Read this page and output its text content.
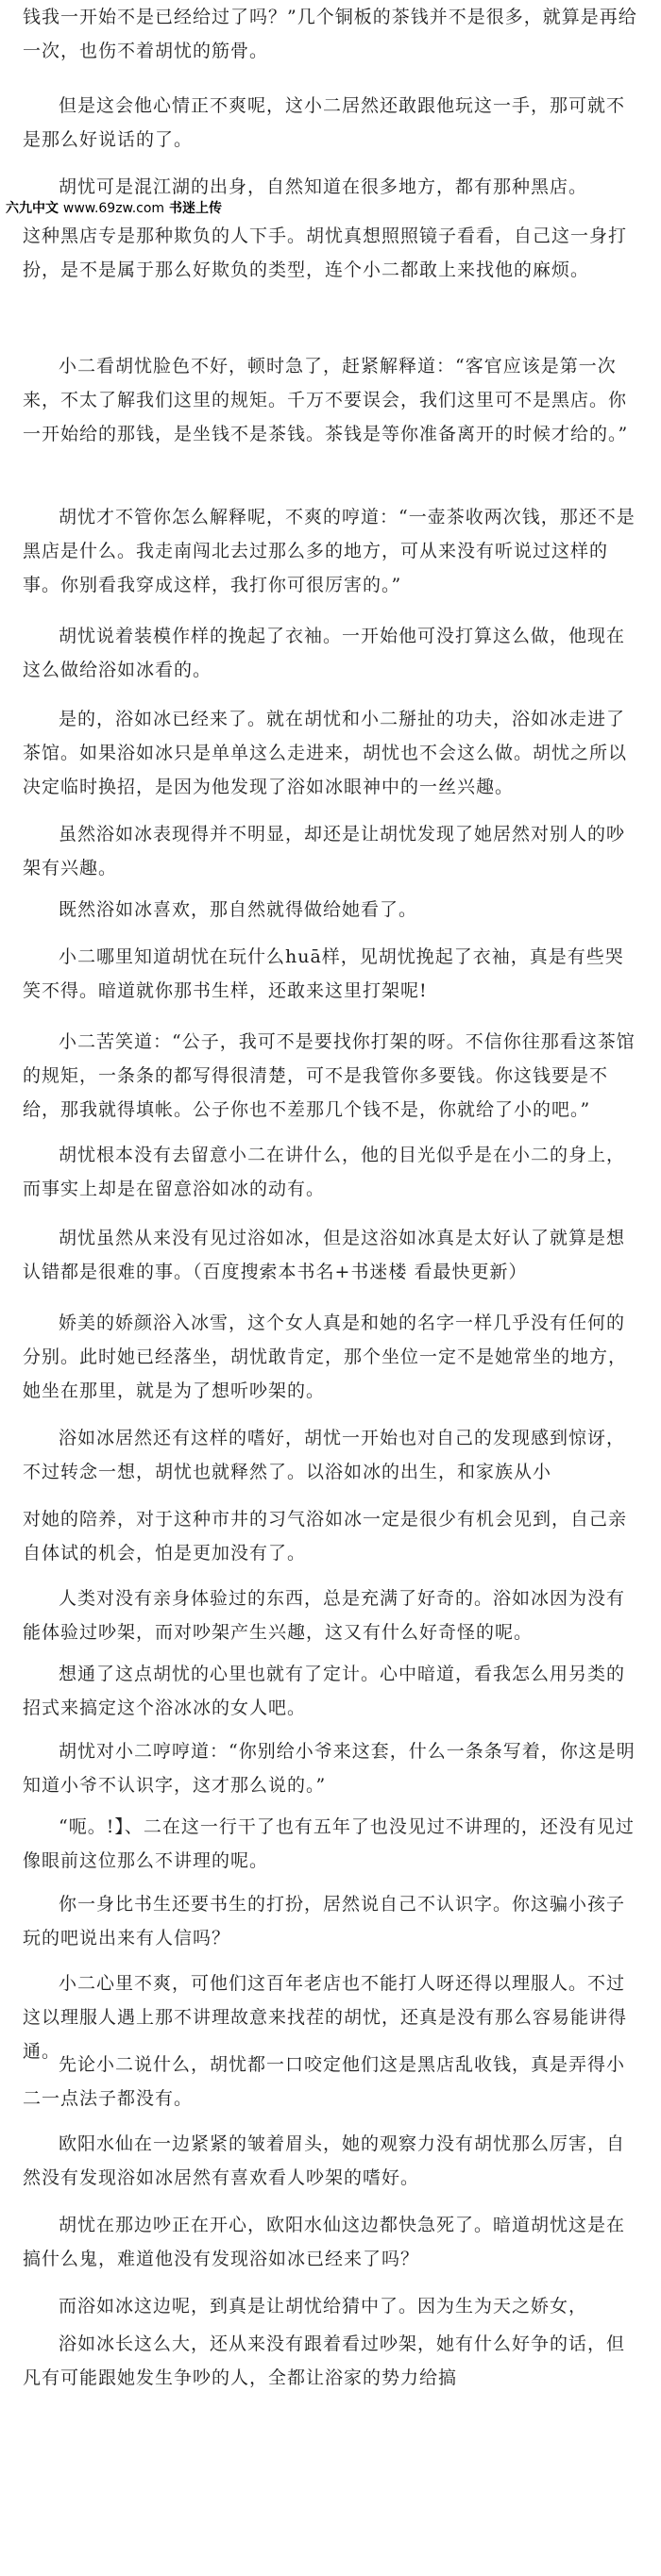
钱我一开始不是已经给过了吗？”几个铜板的茶钱并不是很多，就算是再给一次，也伤不着胡忧的筋骨。

但是这会他心情正不爽呢，这小二居然还敢跟他玩这一手，那可就不是那么好说话的了。

胡忧可是混江湖的出身，自然知道在很多地方，都有那种黑店。

六九中文 www.69zw.com 书迷上传

这种黑店专是那种欺负的人下手。胡忧真想照照镜子看看，自己这一身打扮，是不是属于那么好欺负的类型，连个小二都敢上来找他的麻烦。

小二看胡忧脸色不好，顿时急了，赶紧解释道：“客官应该是第一次来，不太了解我们这里的规矩。千万不要误会，我们这里可不是黑店。你一开始给的那钱，是坐钱不是茶钱。茶钱是等你准备离开的时候才给的。”

胡忧才不管你怎么解释呢，不爽的哼道：“一壶茶收两次钱，那还不是黑店是什么。我走南闯北去过那么多的地方，可从来没有听说过这样的事。你别看我穿成这样，我打你可很厉害的。”

胡忧说着装模作样的挽起了衣袖。一开始他可没打算这么做，他现在这么做给浴如冰看的。

是的，浴如冰已经来了。就在胡忧和小二掰扯的功夫，浴如冰走进了茶馆。如果浴如冰只是单单这么走进来，胡忧也不会这么做。胡忧之所以决定临时换招，是因为他发现了浴如冰眼神中的一丝兴趣。

虽然浴如冰表现得并不明显，却还是让胡忧发现了她居然对别人的吵架有兴趣。

既然浴如冰喜欢，那自然就得做给她看了。

小二哪里知道胡忧在玩什么huā样，见胡忧挽起了衣袖，真是有些哭笑不得。暗道就你那书生样，还敢来这里打架呢!

小二苦笑道：“公子，我可不是要找你打架的呀。不信你往那看这茶馆的规矩，一条条的都写得很清楚，可不是我管你多要钱。你这钱要是不给，那我就得填帐。公子你也不差那几个钱不是，你就给了小的吧。”

胡忧根本没有去留意小二在讲什么，他的目光似乎是在小二的身上，而事实上却是在留意浴如冰的动有。

胡忧虽然从来没有见过浴如冰，但是这浴如冰真是太好认了就算是想认错都是很难的事。（百度搜索本书名+书迷楼 看最快更新）

娇美的娇颜浴入冰雪，这个女人真是和她的名字一样几乎没有任何的分别。此时她已经落坐，胡忧敢肯定，那个坐位一定不是她常坐的地方，她坐在那里，就是为了想听吵架的。

浴如冰居然还有这样的嗜好，胡忧一开始也对自己的发现感到惊讶，不过转念一想，胡忧也就释然了。以浴如冰的出生，和家族从小

对她的陪养，对于这种市井的习气浴如冰一定是很少有机会见到，自己亲自体试的机会，怕是更加没有了。

人类对没有亲身体验过的东西，总是充满了好奇的。浴如冰因为没有能体验过吵架，而对吵架产生兴趣，这又有什么好奇怪的呢。

想通了这点胡忧的心里也就有了定计。心中暗道，看我怎么用另类的招式来搞定这个浴冰冰的女人吧。

胡忧对小二哼哼道：“你别给小爷来这套，什么一条条写着，你这是明知道小爷不认识字，这才那么说的。”

“呃。!】、二在这一行干了也有五年了也没见过不讲理的，还没有见过像眼前这位那么不讲理的呢。

你一身比书生还要书生的打扮，居然说自己不认识字。你这骗小孩子玩的吧说出来有人信吗？

小二心里不爽，可他们这百年老店也不能打人呀还得以理服人。不过这以理服人遇上那不讲理故意来找茬的胡忧，还真是没有那么容易能讲得通。

先论小二说什么，胡忧都一口咬定他们这是黑店乱收钱，真是弄得小二一点法子都没有。

欧阳水仙在一边紧紧的皱着眉头，她的观察力没有胡忧那么厉害，自然没有发现浴如冰居然有喜欢看人吵架的嗜好。

胡忧在那边吵正在开心，欧阳水仙这边都快急死了。暗道胡忧这是在搞什么鬼，难道他没有发现浴如冰已经来了吗？

而浴如冰这边呢，到真是让胡忧给猜中了。因为生为天之娇女，

浴如冰长这么大，还从来没有跟着看过吵架，她有什么好争的话，但凡有可能跟她发生争吵的人，全都让浴家的势力给搞
